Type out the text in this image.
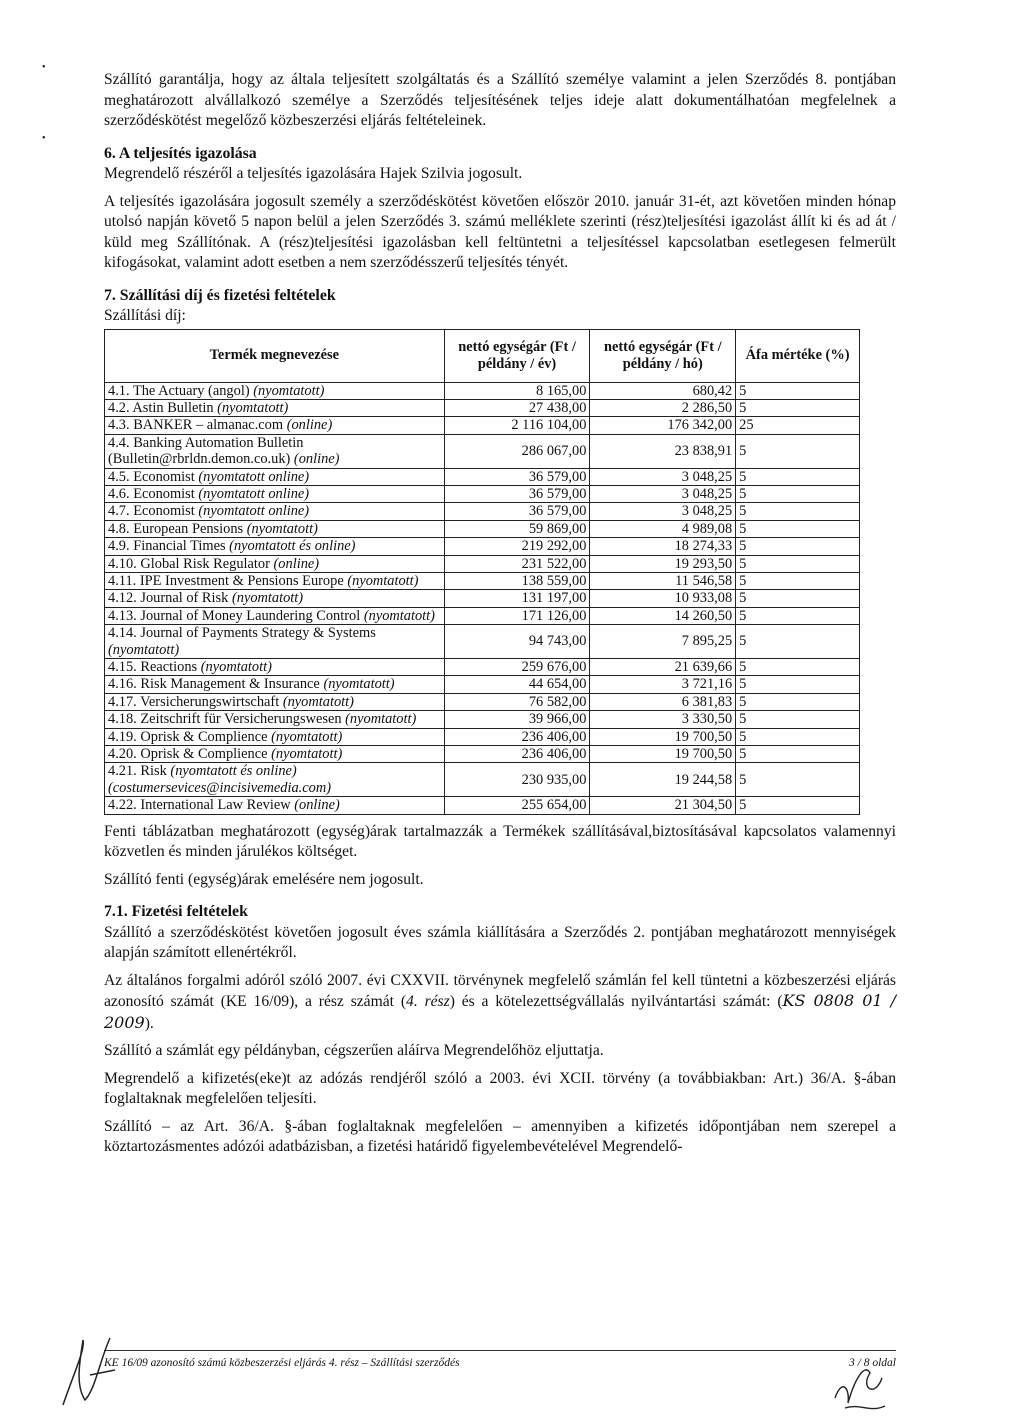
•
•

Szállító garantálja, hogy az általa teljesített szolgáltatás és a Szállító személye valamint a jelen Szerződés 8. pontjában meghatározott alvállalkozó személye a Szerződés teljesítésének teljes ideje alatt dokumentálhatóan megfelelnek a szerződéskötést megelőző közbeszerzési eljárás feltételeinek.

6. A teljesítés igazolása

Megrendelő részéről a teljesítés igazolására Hajek Szilvia jogosult.

A teljesítés igazolására jogosult személy a szerződéskötést követően először 2010. január 31-ét, azt követően minden hónap utolsó napján követő 5 napon belül a jelen Szerződés 3. számú melléklete szerinti (rész)teljesítési igazolást állít ki és ad át / küld meg Szállítónak. A (rész)teljesítési igazolásban kell feltüntetni a teljesítéssel kapcsolatban esetlegesen felmerült kifogásokat, valamint adott esetben a nem szerződésszerű teljesítés tényét.

7. Szállítási díj és fizetési feltételek

Szállítási díj:

Termék megnevezése	nettó egységár (Ft / példány / év)	nettó egységár (Ft / példány / hó)	Áfa mértéke (%)
4.1. The Actuary (angol) (nyomtatott)	8 165,00	680,42	5
4.2. Astin Bulletin (nyomtatott)	27 438,00	2 286,50	5
4.3. BANKER – almanac.com (online)	2 116 104,00	176 342,00	25
4.4. Banking Automation Bulletin (Bulletin@rbrldn.demon.co.uk) (online)	286 067,00	23 838,91	5
4.5. Economist (nyomtatott online)	36 579,00	3 048,25	5
4.6. Economist (nyomtatott online)	36 579,00	3 048,25	5
4.7. Economist (nyomtatott online)	36 579,00	3 048,25	5
4.8. European Pensions (nyomtatott)	59 869,00	4 989,08	5
4.9. Financial Times (nyomtatott és online)	219 292,00	18 274,33	5
4.10. Global Risk Regulator (online)	231 522,00	19 293,50	5
4.11. IPE Investment & Pensions Europe (nyomtatott)	138 559,00	11 546,58	5
4.12. Journal of Risk (nyomtatott)	131 197,00	10 933,08	5
4.13. Journal of Money Laundering Control (nyomtatott)	171 126,00	14 260,50	5
4.14. Journal of Payments Strategy & Systems (nyomtatott)	94 743,00	7 895,25	5
4.15. Reactions (nyomtatott)	259 676,00	21 639,66	5
4.16. Risk Management & Insurance (nyomtatott)	44 654,00	3 721,16	5
4.17. Versicherungswirtschaft (nyomtatott)	76 582,00	6 381,83	5
4.18. Zeitschrift für Versicherungswesen (nyomtatott)	39 966,00	3 330,50	5
4.19. Oprisk & Complience (nyomtatott)	236 406,00	19 700,50	5
4.20. Oprisk & Complience (nyomtatott)	236 406,00	19 700,50	5
4.21. Risk (nyomtatott és online) (costumersevices@incisivemedia.com)	230 935,00	19 244,58	5
4.22. International Law Review (online)	255 654,00	21 304,50	5

Fenti táblázatban meghatározott (egység)árak tartalmazzák a Termékek szállításával,biztosításával kapcsolatos valamennyi közvetlen és minden járulékos költséget.

Szállító fenti (egység)árak emelésére nem jogosult.

7.1. Fizetési feltételek

Szállító a szerződéskötést követően jogosult éves számla kiállítására a Szerződés 2. pontjában meghatározott mennyiségek alapján számított ellenértékről.

Az általános forgalmi adóról szóló 2007. évi CXXVII. törvénynek megfelelő számlán fel kell tüntetni a közbeszerzési eljárás azonosító számát (KE 16/09), a rész számát (4. rész) és a kötelezettségvállalás nyilvántartási számát: (KS 0808 01 / 2009).

Szállító a számlát egy példányban, cégszerűen aláírva Megrendelőhöz eljuttatja.

Megrendelő a kifizetés(eke)t az adózás rendjéről szóló a 2003. évi XCII. törvény (a továbbiakban: Art.) 36/A. §-ában foglaltaknak megfelelően teljesíti.

Szállító – az Art. 36/A. §-ában foglaltaknak megfelelően – amennyiben a kifizetés időpontjában nem szerepel a köztartozásmentes adózói adatbázisban, a fizetési határidő figyelembevételével Megrendelő-

KE 16/09 azonosító számú közbeszerzési eljárás 4. rész – Szállítási szerződés	3 / 8 oldal
